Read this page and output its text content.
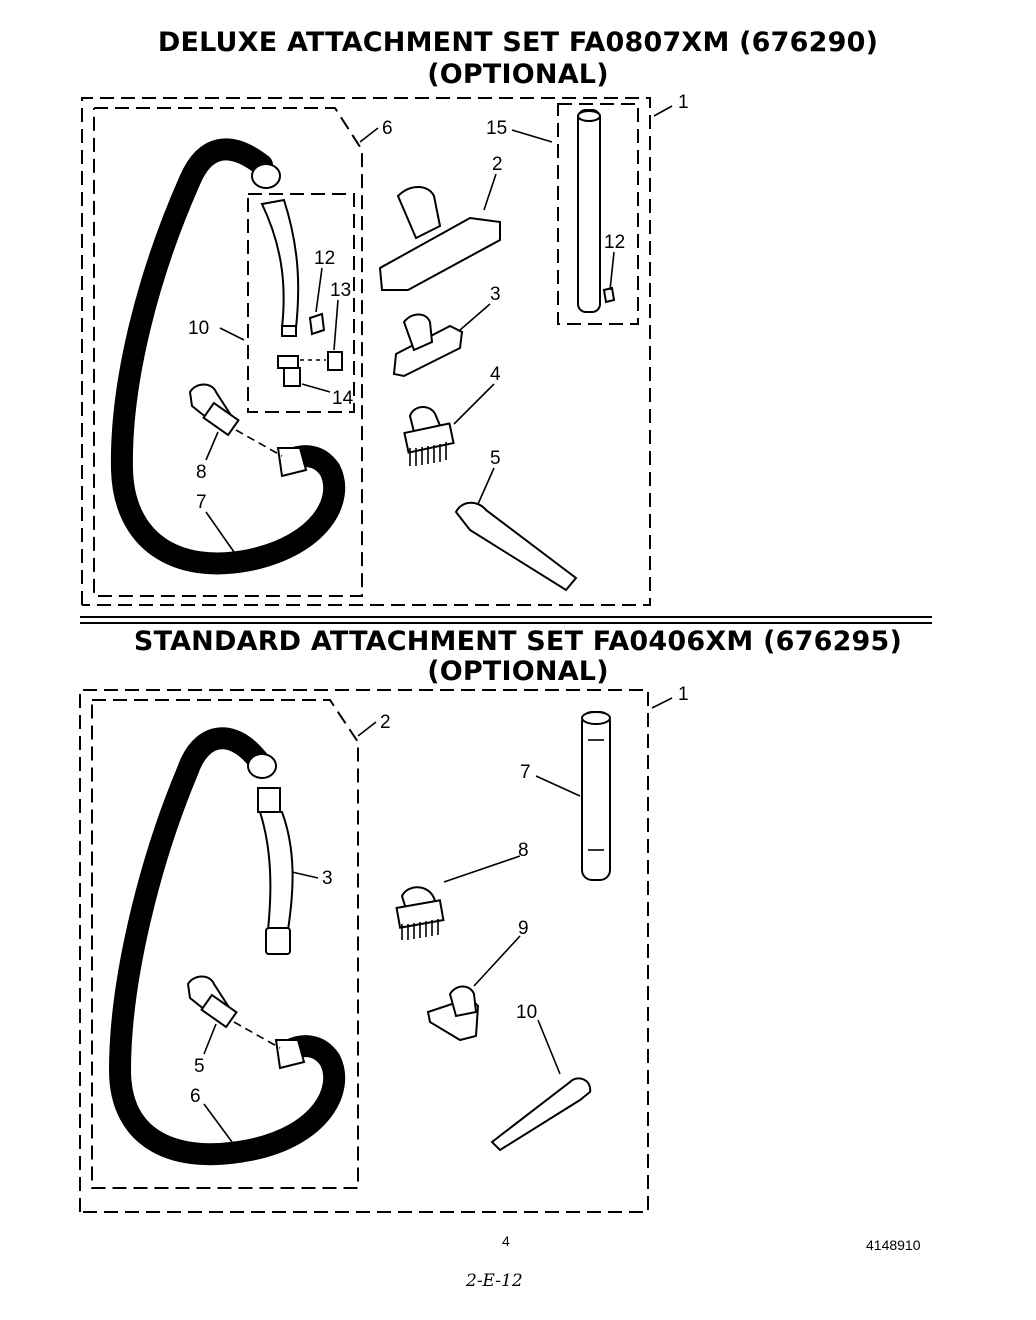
DELUXE ATTACHMENT SET FA0807XM (676290)
(OPTIONAL)
STANDARD ATTACHMENT SET FA0406XM (676295)
(OPTIONAL)
1
6	15
2
12
13
10
14
12
3
4
8
5
7
1
2
7
8
3
9
10
5
6
4	4148910
2-E-12
